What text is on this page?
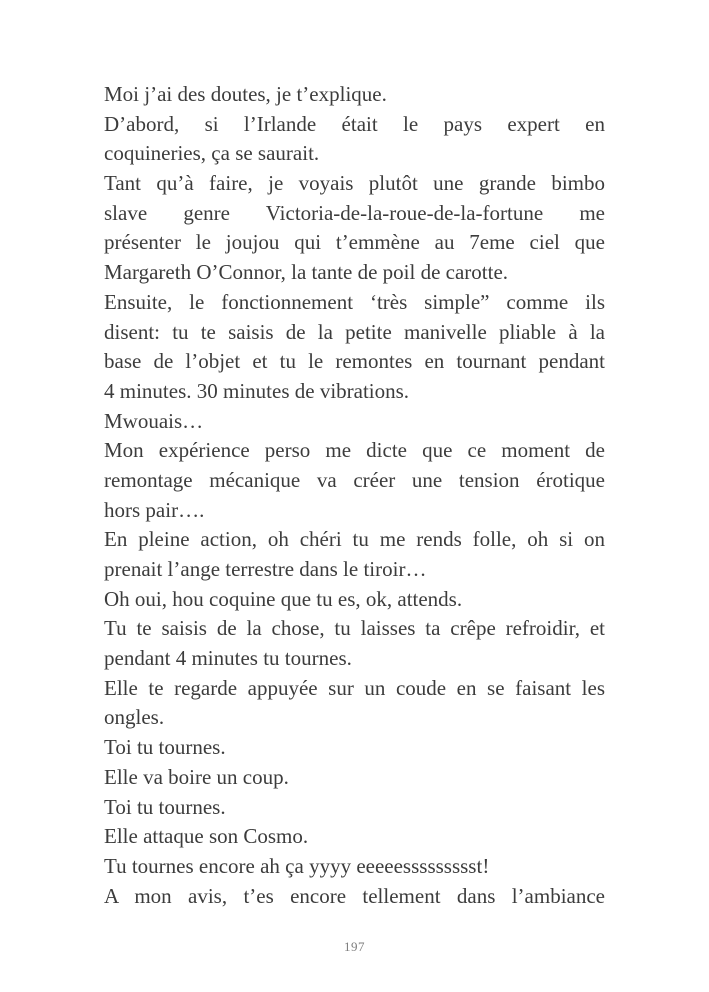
Moi j’ai des doutes, je t’explique.
D’abord, si l’Irlande était le pays expert en
coquineries, ça se saurait.
Tant qu’à faire, je voyais plutôt une grande bimbo
slave genre Victoria-de-la-roue-de-la-fortune me
présenter le joujou qui t’emmène au 7eme ciel que
Margareth O’Connor, la tante de poil de carotte.
Ensuite, le fonctionnement ‘très simple” comme ils
disent: tu te saisis de la petite manivelle pliable à la
base de l’objet et tu le remontes en tournant pendant
4 minutes. 30 minutes de vibrations.
Mwouais…
Mon expérience perso me dicte que ce moment de
remontage mécanique va créer une tension érotique
hors pair….
En pleine action, oh chéri tu me rends folle, oh si on
prenait l’ange terrestre dans le tiroir…
Oh oui, hou coquine que tu es, ok, attends.
Tu te saisis de la chose, tu laisses ta crêpe refroidir, et
pendant 4 minutes tu tournes.
Elle te regarde appuyée sur un coude en se faisant les
ongles.
Toi tu tournes.
Elle va boire un coup.
Toi tu tournes.
Elle attaque son Cosmo.
Tu tournes encore ah ça yyyy eeeeessssssssst!
A mon avis, t’es encore tellement dans l’ambiance
197
